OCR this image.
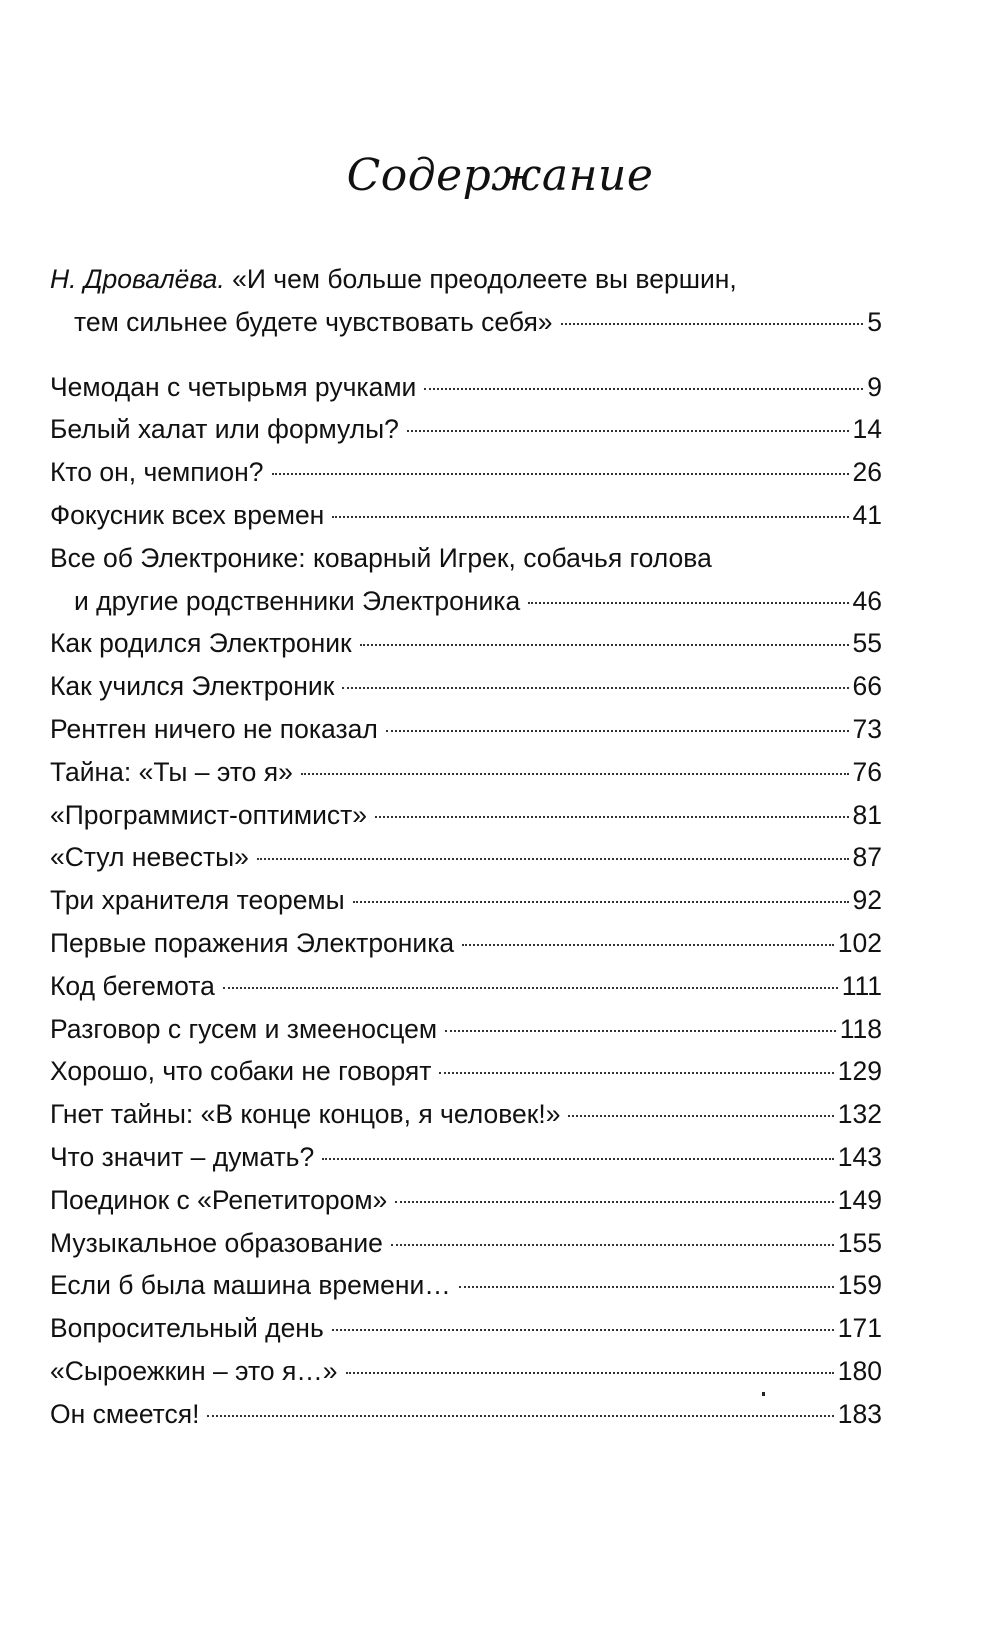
Содержание
Н. Дровалёва. «И чем больше преодолеете вы вершин,
тем сильнее будете чувствовать себя»	5
Чемодан с четырьмя ручками	9
Белый халат или формулы?	14
Кто он, чемпион?	26
Фокусник всех времен	41
Все об Электронике: коварный Игрек, собачья голова
и другие родственники Электроника	46
Как родился Электроник	55
Как учился Электроник	66
Рентген ничего не показал	73
Тайна: «Ты – это я»	76
«Программист-оптимист»	81
«Стул невесты»	87
Три хранителя теоремы	92
Первые поражения Электроника	102
Код бегемота	111
Разговор с гусем и змееносцем	118
Хорошо, что собаки не говорят	129
Гнет тайны: «В конце концов, я человек!»	132
Что значит – думать?	143
Поединок с «Репетитором»	149
Музыкальное образование	155
Если б была машина времени…	159
Вопросительный день	171
«Сыроежкин – это я…»	180
Он смеется!	183
